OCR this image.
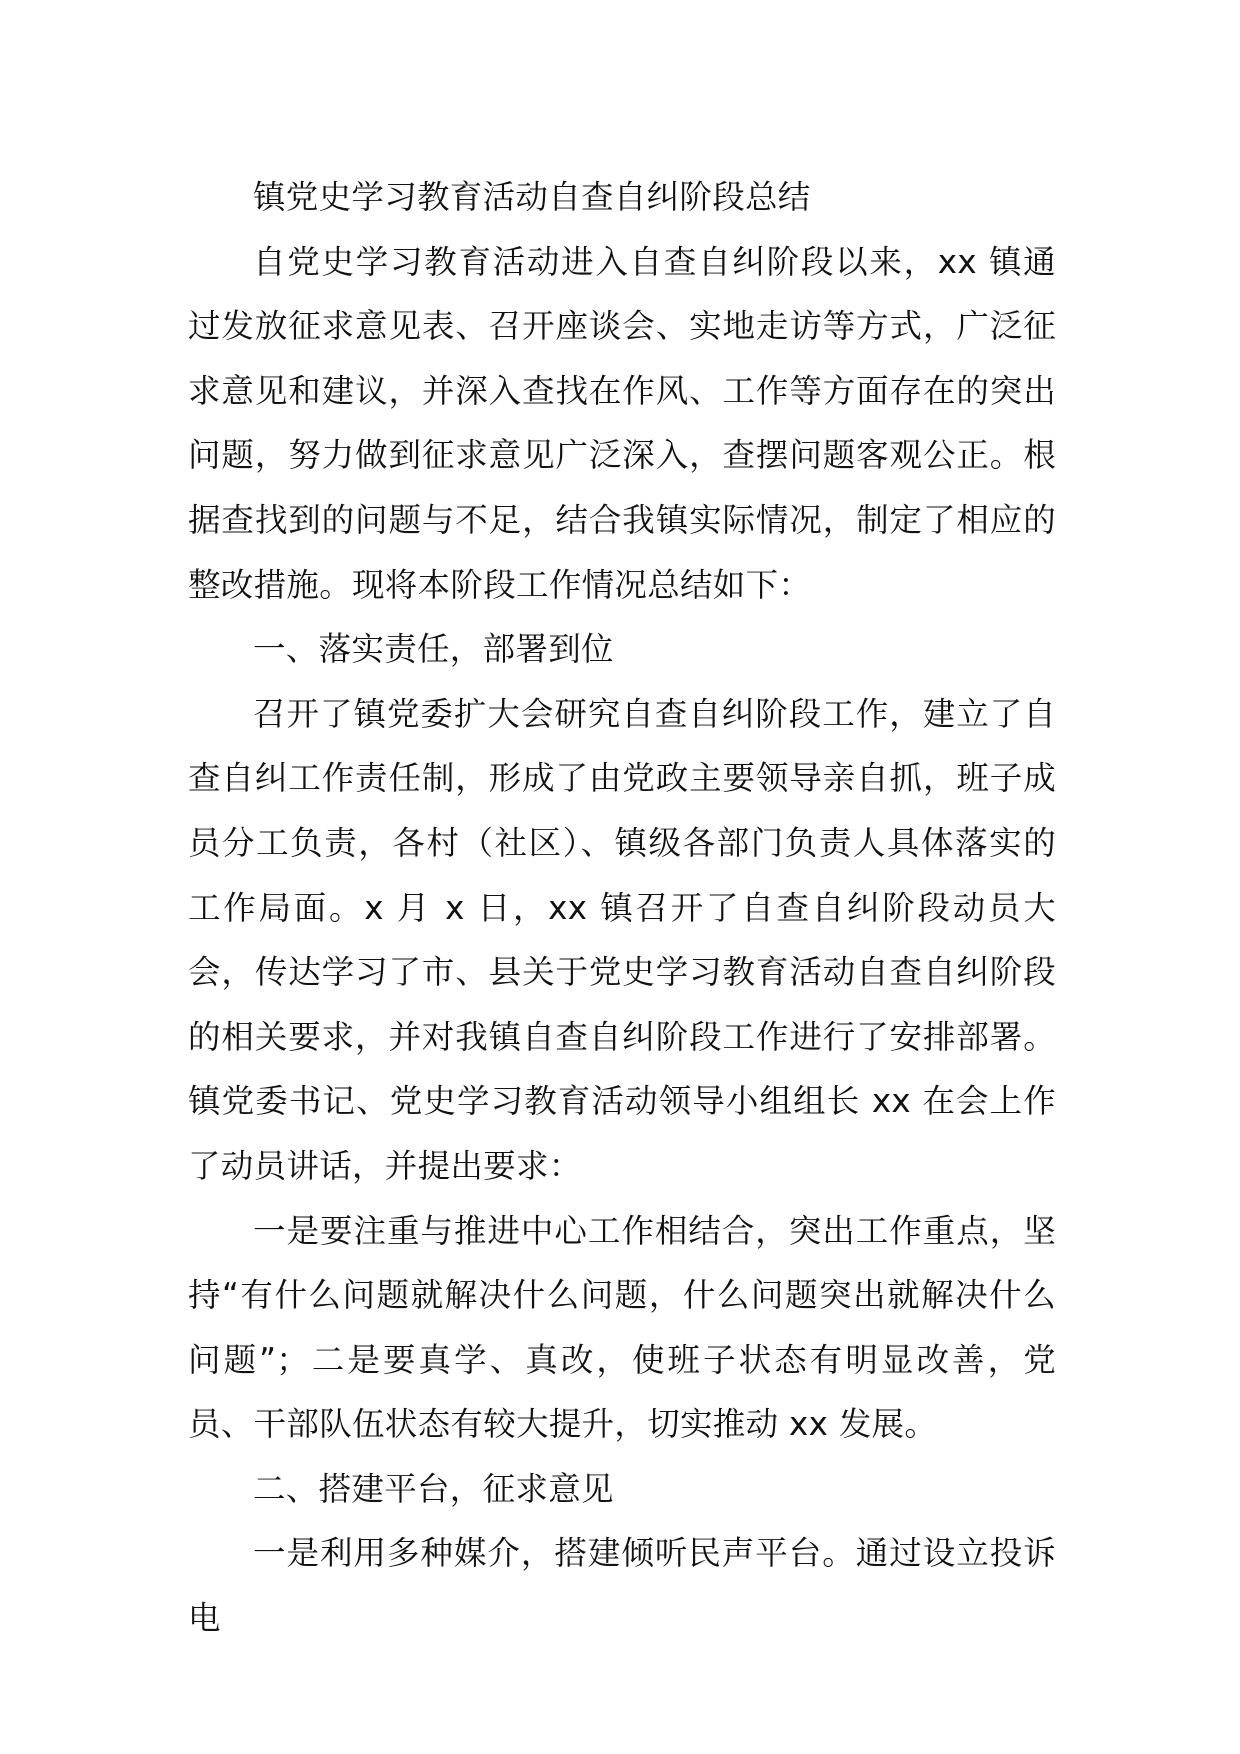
镇党史学习教育活动自查自纠阶段总结

自党史学习教育活动进入自查自纠阶段以来，xx 镇通过发放征求意见表、召开座谈会、实地走访等方式，广泛征求意见和建议，并深入查找在作风、工作等方面存在的突出问题，努力做到征求意见广泛深入，查摆问题客观公正。根据查找到的问题与不足，结合我镇实际情况，制定了相应的整改措施。现将本阶段工作情况总结如下：

一、落实责任，部署到位

召开了镇党委扩大会研究自查自纠阶段工作，建立了自查自纠工作责任制，形成了由党政主要领导亲自抓，班子成员分工负责，各村（社区）、镇级各部门负责人具体落实的工作局面。x 月 x 日，xx 镇召开了自查自纠阶段动员大会，传达学习了市、县关于党史学习教育活动自查自纠阶段的相关要求，并对我镇自查自纠阶段工作进行了安排部署。镇党委书记、党史学习教育活动领导小组组长 xx 在会上作了动员讲话，并提出要求：

一是要注重与推进中心工作相结合，突出工作重点，坚持“有什么问题就解决什么问题，什么问题突出就解决什么问题”；二是要真学、真改，使班子状态有明显改善，党员、干部队伍状态有较大提升，切实推动 xx 发展。

二、搭建平台，征求意见

一是利用多种媒介，搭建倾听民声平台。通过设立投诉电
